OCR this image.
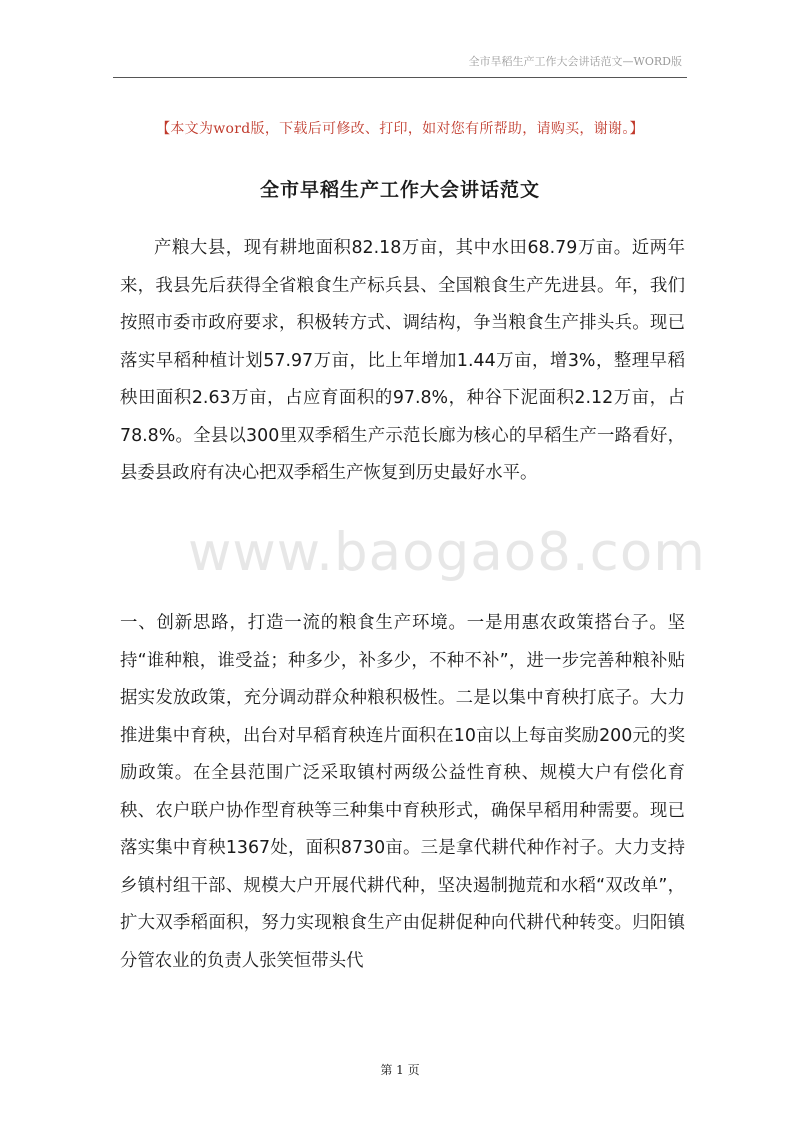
全市旱稻生产工作大会讲话范文—WORD版
【本文为word版，下载后可修改、打印，如对您有所帮助，请购买，谢谢。】
全市早稻生产工作大会讲话范文

产粮大县，现有耕地面积82.18万亩，其中水田68.79万亩。近两年来，我县先后获得全省粮食生产标兵县、全国粮食生产先进县。年，我们按照市委市政府要求，积极转方式、调结构，争当粮食生产排头兵。现已落实早稻种植计划57.97万亩，比上年增加1.44万亩，增3%，整理早稻秧田面积2.63万亩，占应育面积的97.8%，种谷下泥面积2.12万亩，占78.8%。全县以300里双季稻生产示范长廊为核心的早稻生产一路看好，县委县政府有决心把双季稻生产恢复到历史最好水平。

www.baogao8.com

一、创新思路，打造一流的粮食生产环境。一是用惠农政策搭台子。坚持“谁种粮，谁受益；种多少，补多少，不种不补”，进一步完善种粮补贴据实发放政策，充分调动群众种粮积极性。二是以集中育秧打底子。大力推进集中育秧，出台对早稻育秧连片面积在10亩以上每亩奖励200元的奖励政策。在全县范围广泛采取镇村两级公益性育秧、规模大户有偿化育秧、农户联户协作型育秧等三种集中育秧形式，确保早稻用种需要。现已落实集中育秧1367处，面积8730亩。三是拿代耕代种作衬子。大力支持乡镇村组干部、规模大户开展代耕代种，坚决遏制抛荒和水稻“双改单”，扩大双季稻面积，努力实现粮食生产由促耕促种向代耕代种转变。归阳镇分管农业的负责人张笑恒带头代

第 1 页
